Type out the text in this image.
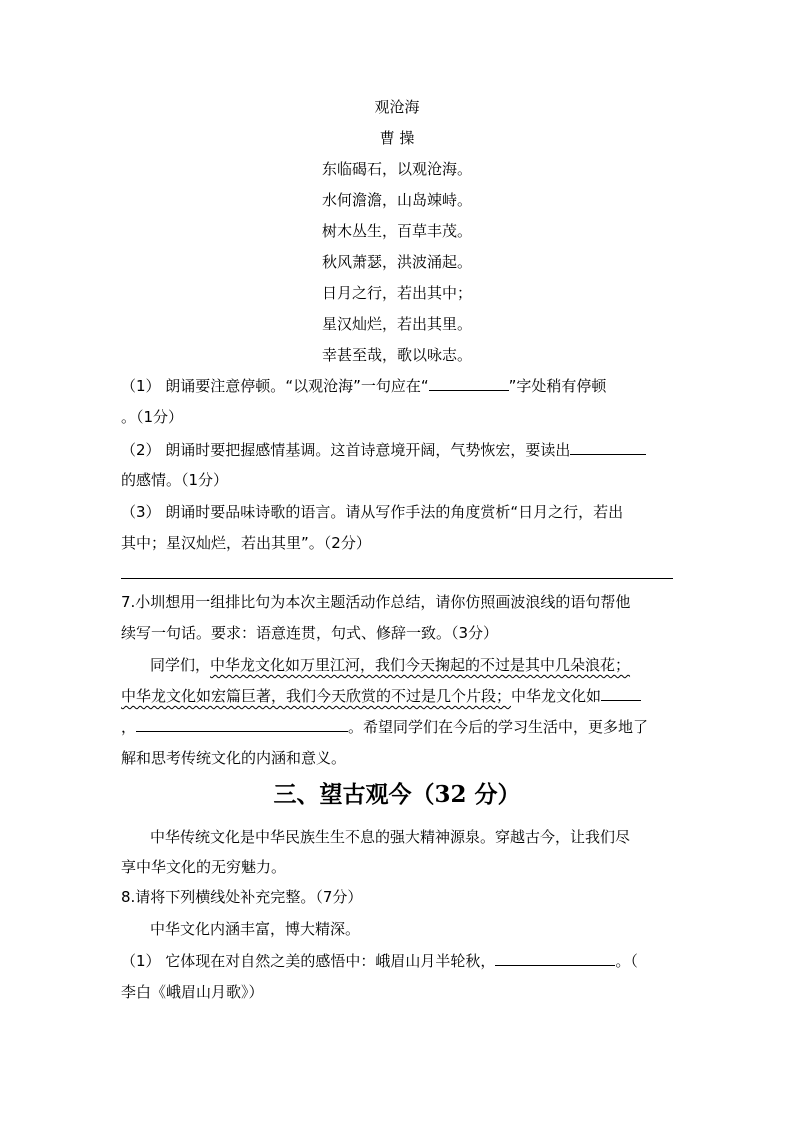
观沧海
曹 操
东临碣石，以观沧海。
水何澹澹，山岛竦峙。
树木丛生，百草丰茂。
秋风萧瑟，洪波涌起。
日月之行，若出其中；
星汉灿烂，若出其里。
幸甚至哉，歌以咏志。
（1） 朗诵要注意停顿。“以观沧海”一句应在“	”字处稍有停顿
。（1分）
（2） 朗诵时要把握感情基调。这首诗意境开阔，气势恢宏，要读出
的感情。（1分）
（3） 朗诵时要品味诗歌的语言。请从写作手法的角度赏析“日月之行，若出
其中；星汉灿烂，若出其里”。（2分）
7.小圳想用一组排比句为本次主题活动作总结，请你仿照画波浪线的语句帮他
续写一句话。要求：语意连贯，句式、修辞一致。（3分）
同学们，中华龙文化如万里江河，我们今天掬起的不过是其中几朵浪花；
中华龙文化如宏篇巨著，我们今天欣赏的不过是几个片段；中华龙文化如
，	。希望同学们在今后的学习生活中，更多地了
解和思考传统文化的内涵和意义。
三、望古观今（32 分）
中华传统文化是中华民族生生不息的强大精神源泉。穿越古今，让我们尽
享中华文化的无穷魅力。
8.请将下列横线处补充完整。（7分）
中华文化内涵丰富，博大精深。
（1） 它体现在对自然之美的感悟中：峨眉山月半轮秋，	。（
李白《峨眉山月歌》）
